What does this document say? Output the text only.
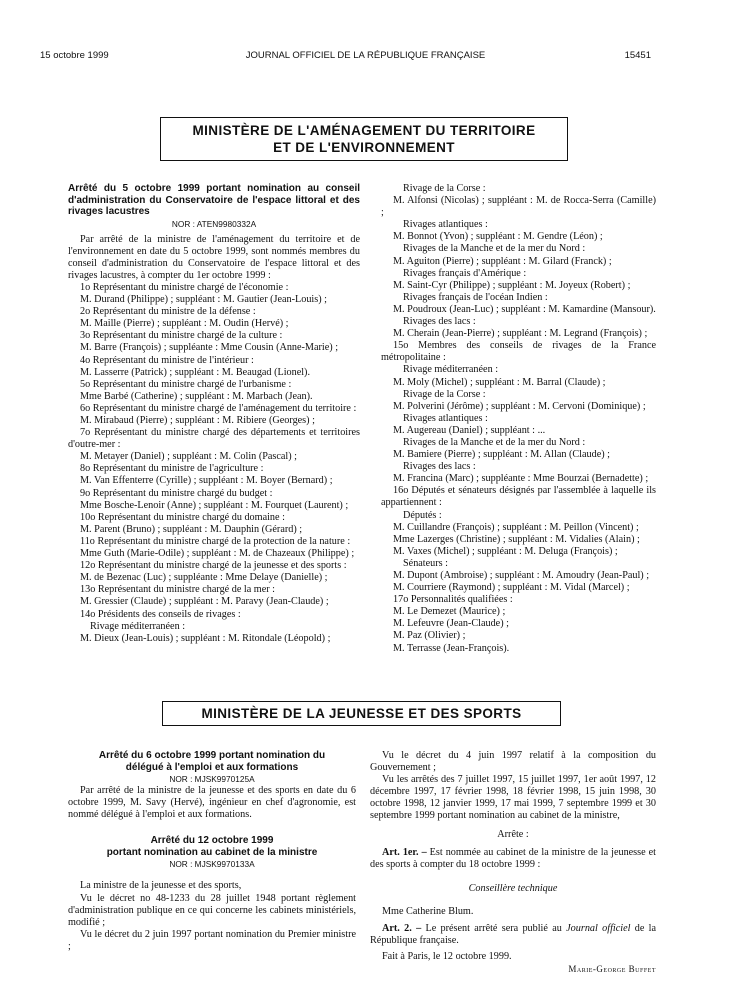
15 octobre 1999	JOURNAL OFFICIEL DE LA RÉPUBLIQUE FRANÇAISE	15451
MINISTÈRE DE L'AMÉNAGEMENT DU TERRITOIRE
ET DE L'ENVIRONNEMENT

Arrêté du 5 octobre 1999 portant nomination au conseil d'administration du Conservatoire de l'espace littoral et des rivages lacustres

NOR : ATEN9980332A

Par arrêté de la ministre de l'aménagement du territoire et de l'environnement en date du 5 octobre 1999, sont nommés membres du conseil d'administration du Conservatoire de l'espace littoral et des rivages lacustres, à compter du 1er octobre 1999 :

1o Représentant du ministre chargé de l'économie :

M. Durand (Philippe) ; suppléant : M. Gautier (Jean-Louis) ;

2o Représentant du ministre de la défense :

M. Maille (Pierre) ; suppléant : M. Oudin (Hervé) ;

3o Représentant du ministre chargé de la culture :

M. Barre (François) ; suppléante : Mme Cousin (Anne-Marie) ;

4o Représentant du ministre de l'intérieur :

M. Lasserre (Patrick) ; suppléant : M. Beaugad (Lionel).

5o Représentant du ministre chargé de l'urbanisme :

Mme Barbé (Catherine) ; suppléant : M. Marbach (Jean).

6o Représentant du ministre chargé de l'aménagement du territoire :

M. Mirabaud (Pierre) ; suppléant : M. Ribiere (Georges) ;

7o Représentant du ministre chargé des départements et territoires d'outre-mer :

M. Metayer (Daniel) ; suppléant : M. Colin (Pascal) ;

8o Représentant du ministre de l'agriculture :

M. Van Effenterre (Cyrille) ; suppléant : M. Boyer (Bernard) ;

9o Représentant du ministre chargé du budget :

Mme Bosche-Lenoir (Anne) ; suppléant : M. Fourquet (Laurent) ;

10o Représentant du ministre chargé du domaine :

M. Parent (Bruno) ; suppléant : M. Dauphin (Gérard) ;

11o Représentant du ministre chargé de la protection de la nature :

Mme Guth (Marie-Odile) ; suppléant : M. de Chazeaux (Philippe) ;

12o Représentant du ministre chargé de la jeunesse et des sports :

M. de Bezenac (Luc) ; suppléante : Mme Delaye (Danielle) ;

13o Représentant du ministre chargé de la mer :

M. Gressier (Claude) ; suppléant : M. Paravy (Jean-Claude) ;

14o Présidents des conseils de rivages :

Rivage méditerranéen :

M. Dieux (Jean-Louis) ; suppléant : M. Ritondale (Léopold) ;

Rivage de la Corse :

M. Alfonsi (Nicolas) ; suppléant : M. de Rocca-Serra (Camille) ;

Rivages atlantiques :

M. Bonnot (Yvon) ; suppléant : M. Gendre (Léon) ;

Rivages de la Manche et de la mer du Nord :

M. Aguiton (Pierre) ; suppléant : M. Gilard (Franck) ;

Rivages français d'Amérique :

M. Saint-Cyr (Philippe) ; suppléant : M. Joyeux (Robert) ;

Rivages français de l'océan Indien :

M. Poudroux (Jean-Luc) ; suppléant : M. Kamardine (Mansour).

Rivages des lacs :

M. Cherain (Jean-Pierre) ; suppléant : M. Legrand (François) ;

15o Membres des conseils de rivages de la France métropolitaine :

Rivage méditerranéen :

M. Moly (Michel) ; suppléant : M. Barral (Claude) ;

Rivage de la Corse :

M. Polverini (Jérôme) ; suppléant : M. Cervoni (Dominique) ;

Rivages atlantiques :

M. Augereau (Daniel) ; suppléant : ...

Rivages de la Manche et de la mer du Nord :

M. Bamiere (Pierre) ; suppléant : M. Allan (Claude) ;

Rivages des lacs :

M. Francina (Marc) ; suppléante : Mme Bourzai (Bernadette) ;

16o Députés et sénateurs désignés par l'assemblée à laquelle ils appartiennent :

Députés :

M. Cuillandre (François) ; suppléant : M. Peillon (Vincent) ;

Mme Lazerges (Christine) ; suppléant : M. Vidalies (Alain) ;

M. Vaxes (Michel) ; suppléant : M. Deluga (François) ;

Sénateurs :

M. Dupont (Ambroise) ; suppléant : M. Amoudry (Jean-Paul) ;

M. Courriere (Raymond) ; suppléant : M. Vidal (Marcel) ;

17o Personnalités qualifiées :

M. Le Demezet (Maurice) ;

M. Lefeuvre (Jean-Claude) ;

M. Paz (Olivier) ;

M. Terrasse (Jean-François).

MINISTÈRE DE LA JEUNESSE ET DES SPORTS

Arrêté du 6 octobre 1999 portant nomination du délégué à l'emploi et aux formations

NOR : MJSK9970125A

Par arrêté de la ministre de la jeunesse et des sports en date du 6 octobre 1999, M. Savy (Hervé), ingénieur en chef d'agronomie, est nommé délégué à l'emploi et aux formations.

Arrêté du 12 octobre 1999

portant nomination au cabinet de la ministre

NOR : MJSK9970133A

La ministre de la jeunesse et des sports,

Vu le décret no 48-1233 du 28 juillet 1948 portant règlement d'administration publique en ce qui concerne les cabinets ministériels, modifié ;

Vu le décret du 2 juin 1997 portant nomination du Premier ministre ;

Vu le décret du 4 juin 1997 relatif à la composition du Gouvernement ;

Vu les arrêtés des 7 juillet 1997, 15 juillet 1997, 1er août 1997, 12 décembre 1997, 17 février 1998, 18 février 1998, 15 juin 1998, 30 octobre 1998, 12 janvier 1999, 17 mai 1999, 7 septembre 1999 et 30 septembre 1999 portant nomination au cabinet de la ministre,

Arrête :

Art. 1er. – Est nommée au cabinet de la ministre de la jeunesse et des sports à compter du 18 octobre 1999 :

Conseillère technique

Mme Catherine Blum.

Art. 2. – Le présent arrêté sera publié au Journal officiel de la République française.

Fait à Paris, le 12 octobre 1999.

Marie-George Buffet
